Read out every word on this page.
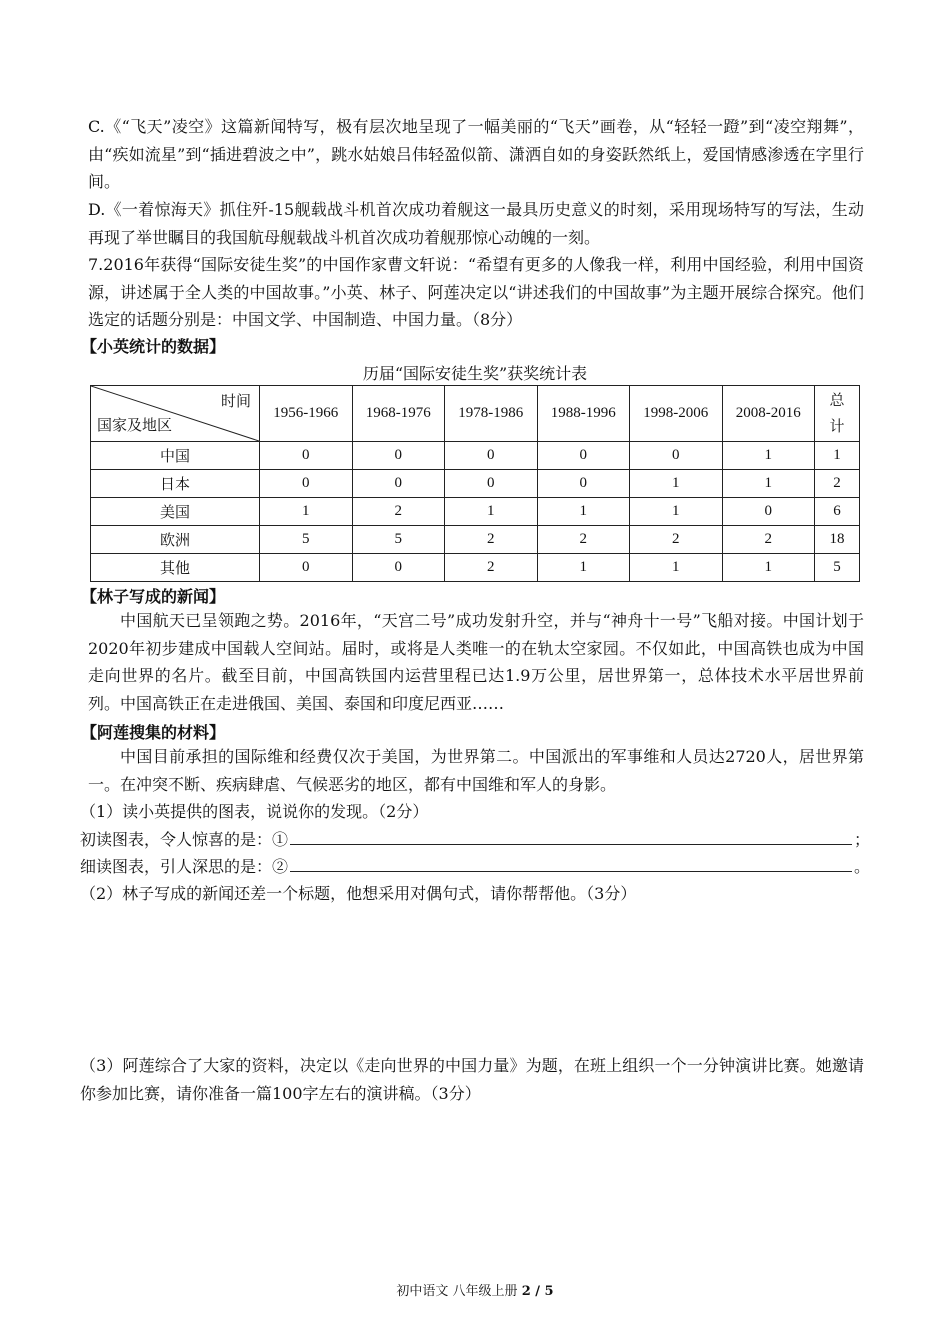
C.《“飞天”凌空》这篇新闻特写，极有层次地呈现了一幅美丽的“飞天”画卷，从“轻轻一蹬”到“凌空翔舞”，由“疾如流星”到“插进碧波之中”，跳水姑娘吕伟轻盈似箭、潇洒自如的身姿跃然纸上，爱国情感渗透在字里行间。

D.《一着惊海天》抓住歼-15舰载战斗机首次成功着舰这一最具历史意义的时刻，采用现场特写的写法，生动再现了举世瞩目的我国航母舰载战斗机首次成功着舰那惊心动魄的一刻。

7.2016年获得“国际安徒生奖”的中国作家曹文轩说：“希望有更多的人像我一样，利用中国经验，利用中国资源，讲述属于全人类的中国故事。”小英、林子、阿莲决定以“讲述我们的中国故事”为主题开展综合探究。他们选定的话题分别是：中国文学、中国制造、中国力量。（8分）

【小英统计的数据】
历届“国际安徒生奖”获奖统计表
时间
国家及地区	1956-1966	1968-1976	1978-1986	1988-1996	1998-2006	2008-2016	总
计
中国	0	0	0	0	0	1	1
日本	0	0	0	0	1	1	2
美国	1	2	1	1	1	0	6
欧洲	5	5	2	2	2	2	18
其他	0	0	2	1	1	1	5
【林子写成的新闻】

中国航天已呈领跑之势。2016年，“天宫二号”成功发射升空，并与“神舟十一号”飞船对接。中国计划于2020年初步建成中国载人空间站。届时，或将是人类唯一的在轨太空家园。不仅如此，中国高铁也成为中国走向世界的名片。截至目前，中国高铁国内运营里程已达1.9万公里，居世界第一，总体技术水平居世界前列。中国高铁正在走进俄国、美国、泰国和印度尼西亚……

【阿莲搜集的材料】

中国目前承担的国际维和经费仅次于美国，为世界第二。中国派出的军事维和人员达2720人，居世界第一。在冲突不断、疾病肆虐、气候恶劣的地区，都有中国维和军人的身影。

（1）读小英提供的图表，说说你的发现。（2分）

初读图表，令人惊喜的是：①	；
细读图表，引人深思的是：②	。

（2）林子写成的新闻还差一个标题，他想采用对偶句式，请你帮帮他。（3分）

（3）阿莲综合了大家的资料，决定以《走向世界的中国力量》为题，在班上组织一个一分钟演讲比赛。她邀请你参加比赛，请你准备一篇100字左右的演讲稿。（3分）

初中语文 八年级上册 2 / 5
